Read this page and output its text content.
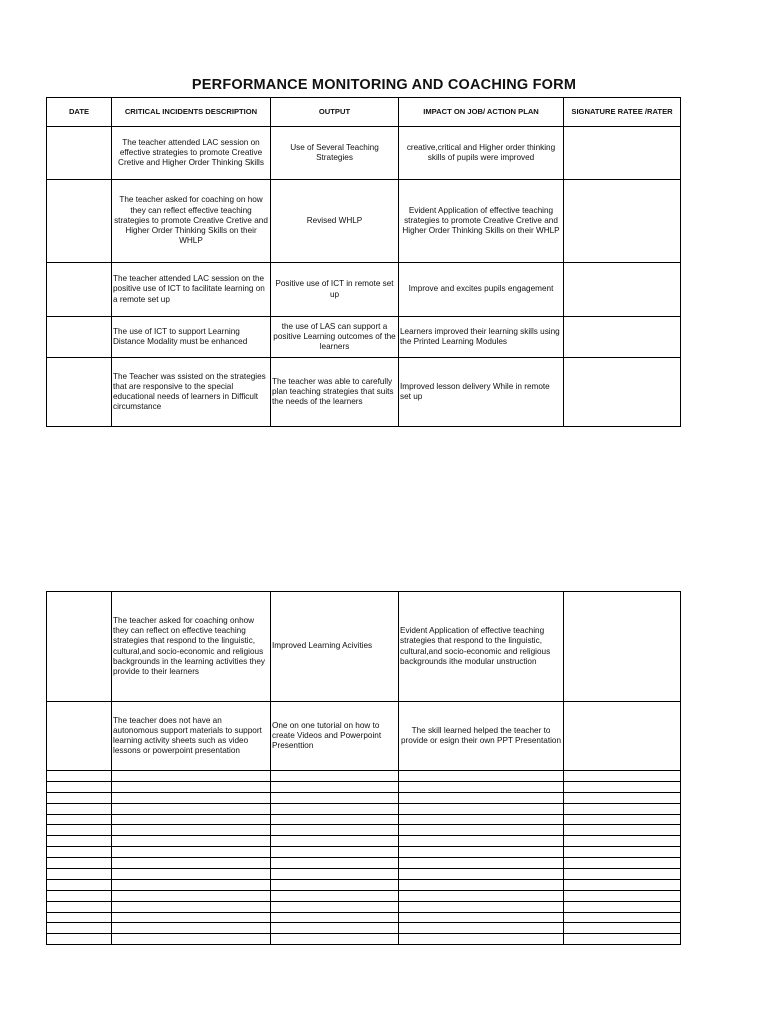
PERFORMANCE MONITORING AND COACHING FORM
DATE	CRITICAL INCIDENTS DESCRIPTION	OUTPUT	IMPACT ON JOB/ ACTION PLAN	SIGNATURE RATEE /RATER
	The teacher attended LAC session on effective strategies to promote Creative Cretive and Higher Order Thinking Skills	Use of Several Teaching Strategies	creative,critical and Higher order thinking skills of pupils were improved	
	The teacher asked for coaching on how they can reflect effective teaching strategies to promote Creative Cretive and Higher Order Thinking Skills on their WHLP	Revised WHLP	Evident Application of effective teaching strategies to promote Creative Cretive and Higher Order Thinking Skills on their WHLP	
	The teacher attended LAC session on the positive use of ICT to facilitate learning on a remote set up	Positive use of ICT in remote set up	Improve and excites pupils engagement	
	The use of ICT to support Learning Distance Modality must be enhanced	the use of LAS can support a positive Learning outcomes of the learners	Learners improved their learning skills using the Printed Learning Modules	
	The Teacher was ssisted on the strategies that are responsive to the special educational needs of learners in Difficult circumstance	The teacher was able to carefully plan teaching strategies that suits the needs of the learners	Improved lesson delivery While in remote set up	
	The teacher asked for coaching onhow they can reflect on effective teaching strategies that respond to the linguistic, cultural,and socio-economic and religious backgrounds in the learning activities they provide to their learners	Improved Learning Acivities	Evident Application of effective teaching strategies that respond to the linguistic, cultural,and socio-economic and religious backgrounds ithe modular unstruction	
	The teacher does not have an autonomous support materials to support learning activity sheets such as video lessons or powerpoint presentation	One on one tutorial on how to create Videos and Powerpoint Presenttion	The skill learned helped the teacher to provide or esign their own PPT Presentation	
